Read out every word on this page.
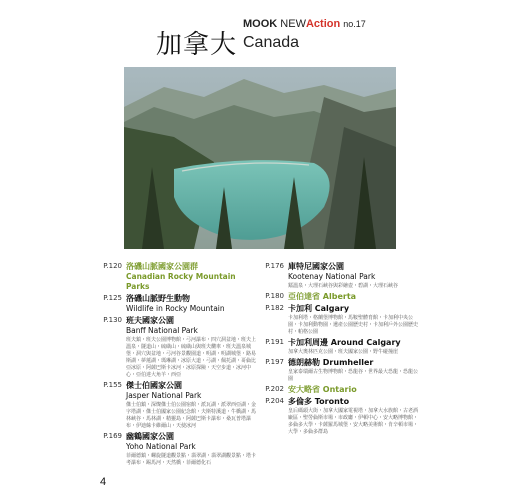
MOOK NEWAction no.17
加拿大 Canada
P.120 洛磯山脈國家公園群
Canadian Rocky Mountain Parks
P.125 洛磯山脈野生動物
Wildlife in Rocky Mountain
P.130 班夫國家公園
Banff National Park
班夫鎮・班夫公園博物館・弓河瀑布・四穴洞盆地・班夫上溫泉・隧道山・硫磺山・硫磺山與班夫纜車・班夫溫泉城堡・洞穴與盆地・弓河谷景觀園道・明湖・明湖城堡・路易斯湖・夢蓮湖・瑪琳湖・冰原大道・弓湖・佩托湖・哥倫比亞冰原・阿薩巴斯卡冰河・冰原探險・天空步道・冰河中心・亞伯達大角羊・西亞
P.155 傑士伯國家公園
Jasper National Park
傑士伯鎮・深燦傑士伯公園宿館・派瓦湖・派翠西亞湖・金字塔湖・傑士伯國家公園紀念館・夫斯特溪道・牛橋湖・馬林峽谷・馬林湖・精靈島・阿薩巴斯卡瀑布・桑瓦普塔瀑布・伊迪絲卡維爾山・天使冰河
P.169 幽鶴國家公園
Yoho National Park
菲爾德鎮・螺旋隧道觀景點・翡翠湖・翡翠湖觀景點・塔卡考瀑布・踢馬河・天然橋・菲爾德化石
P.176 庫特尼國家公園
Kootenay National Park
鐳溫泉・大理石峽谷與彩繪壺・碧湖・大理石峽谷
P.180 亞伯達省 Alberta
P.182 卡加利 Calgary
卡加利塔・格蘭堡博物館・馬鞍聖體育館・卡加利中央公園・卡加利動物園・遺產公園歷史村・卡加利戶外公園歷史村・帕格公園
P.191 卡加利周邊 Around Calgary
加拿大奧林匹克公園・班夫國家公園・野牛碰撞崖
P.197 德朗赫勒 Drumheller
皇家泰瑞爾古生物博物館・恐龍谷・世界最大恐龍・恐龍公園
P.202 安大略省 Ontario
P.204 多倫多 Toronto
皇后碼頭大街・加拿大國家電視塔・加拿大水族館・古老酒廠區・聖勞倫斯市場・市政廳・伊頓中心・安大略博物館・多倫多大學・卡薩羅馬城堡・安大略美術館・肯辛頓市場・大學・多倫多群島
4
